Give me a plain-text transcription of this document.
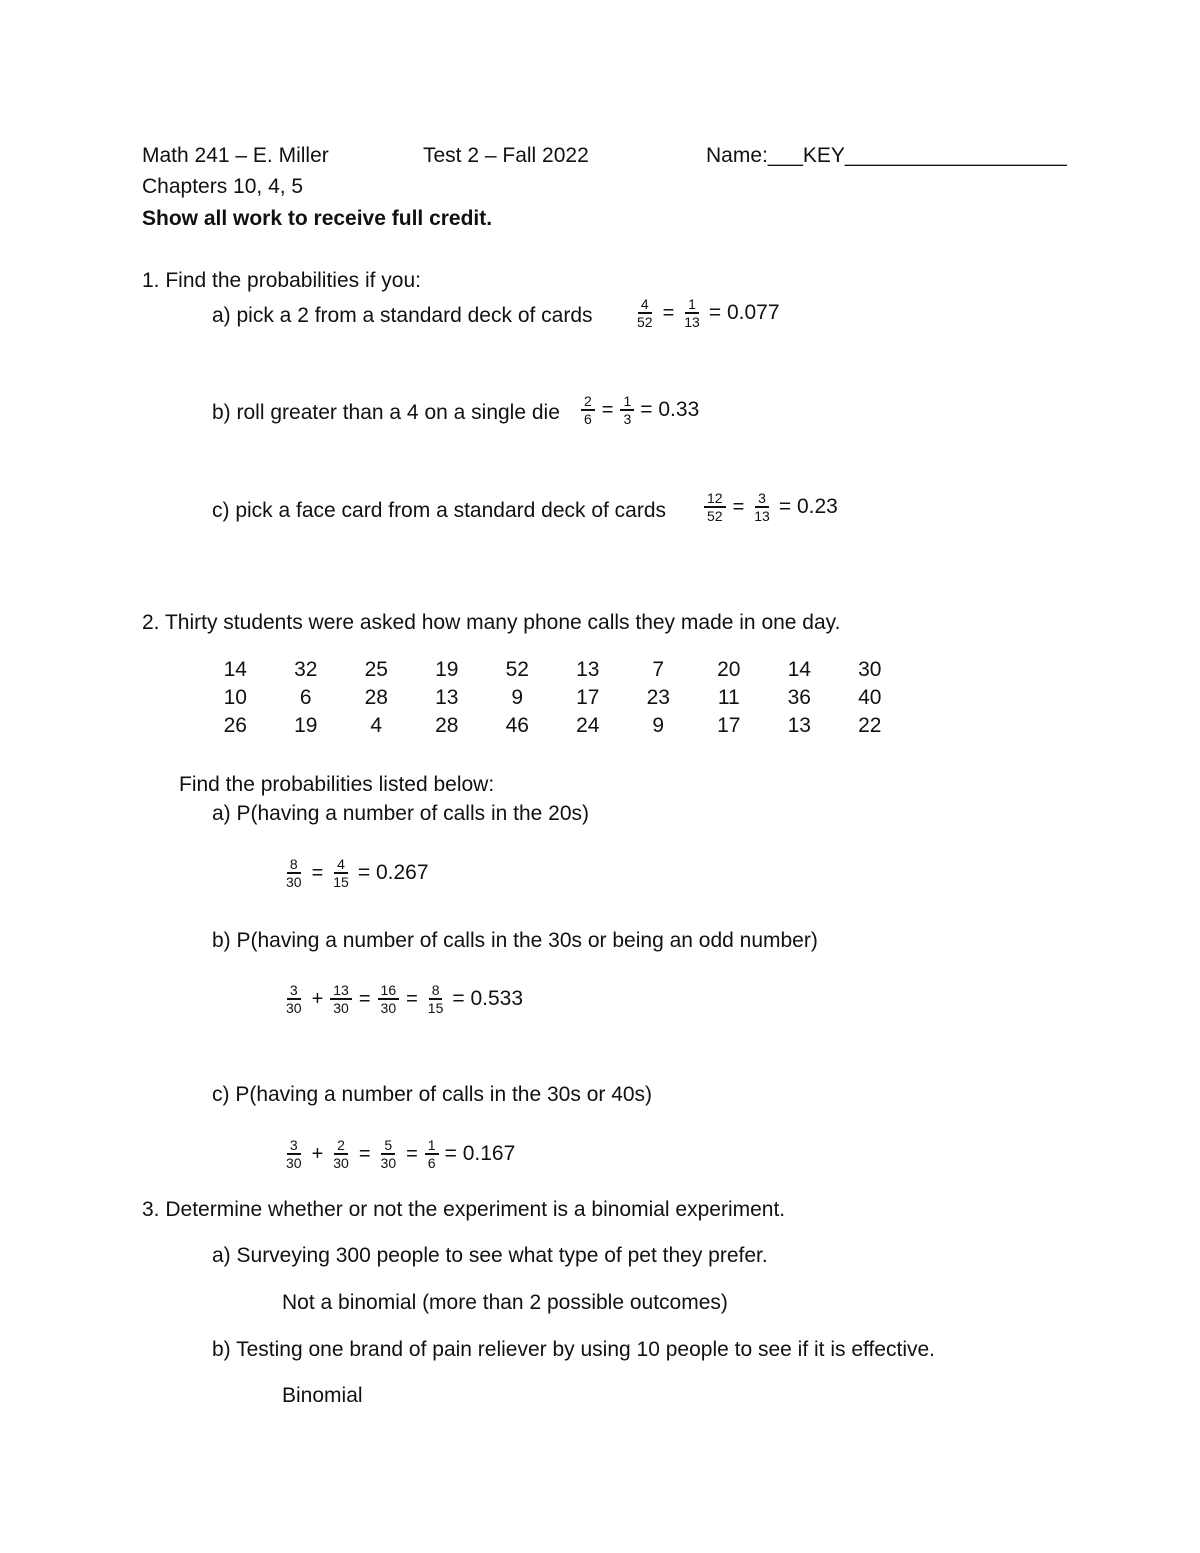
Math 241 – E. Miller	Test 2 – Fall 2022	Name:___KEY___________________
Chapters 10, 4, 5
Show all work to receive full credit.
1. Find the probabilities if you:
a) pick a 2 from a standard deck of cards	$\frac{4}{52} = \frac{1}{13} = 0.077$
b) roll greater than a 4 on a single die $\frac{2}{6} = \frac{1}{3} = 0.33$
c) pick a face card from a standard deck of cards	$\frac{12}{52} = \frac{3}{13} = 0.23$
2. Thirty students were asked how many phone calls they made in one day.
14	32	25	19	52	13	7	20	14	30
10	6	28	13	9	17	23	11	36	40
26	19	4	28	46	24	9	17	13	22
Find the probabilities listed below:
a) P(having a number of calls in the 20s)
$\frac{8}{30} = \frac{4}{15} = 0.267$
b) P(having a number of calls in the 30s or being an odd number)
$\frac{3}{30} + \frac{13}{30} = \frac{16}{30} = \frac{8}{15} = 0.533$
c) P(having a number of calls in the 30s or 40s)
$\frac{3}{30} + \frac{2}{30} = \frac{5}{30} = \frac{1}{6} = 0.167$
3. Determine whether or not the experiment is a binomial experiment.
a) Surveying 300 people to see what type of pet they prefer.
Not a binomial (more than 2 possible outcomes)
b) Testing one brand of pain reliever by using 10 people to see if it is effective.
Binomial
